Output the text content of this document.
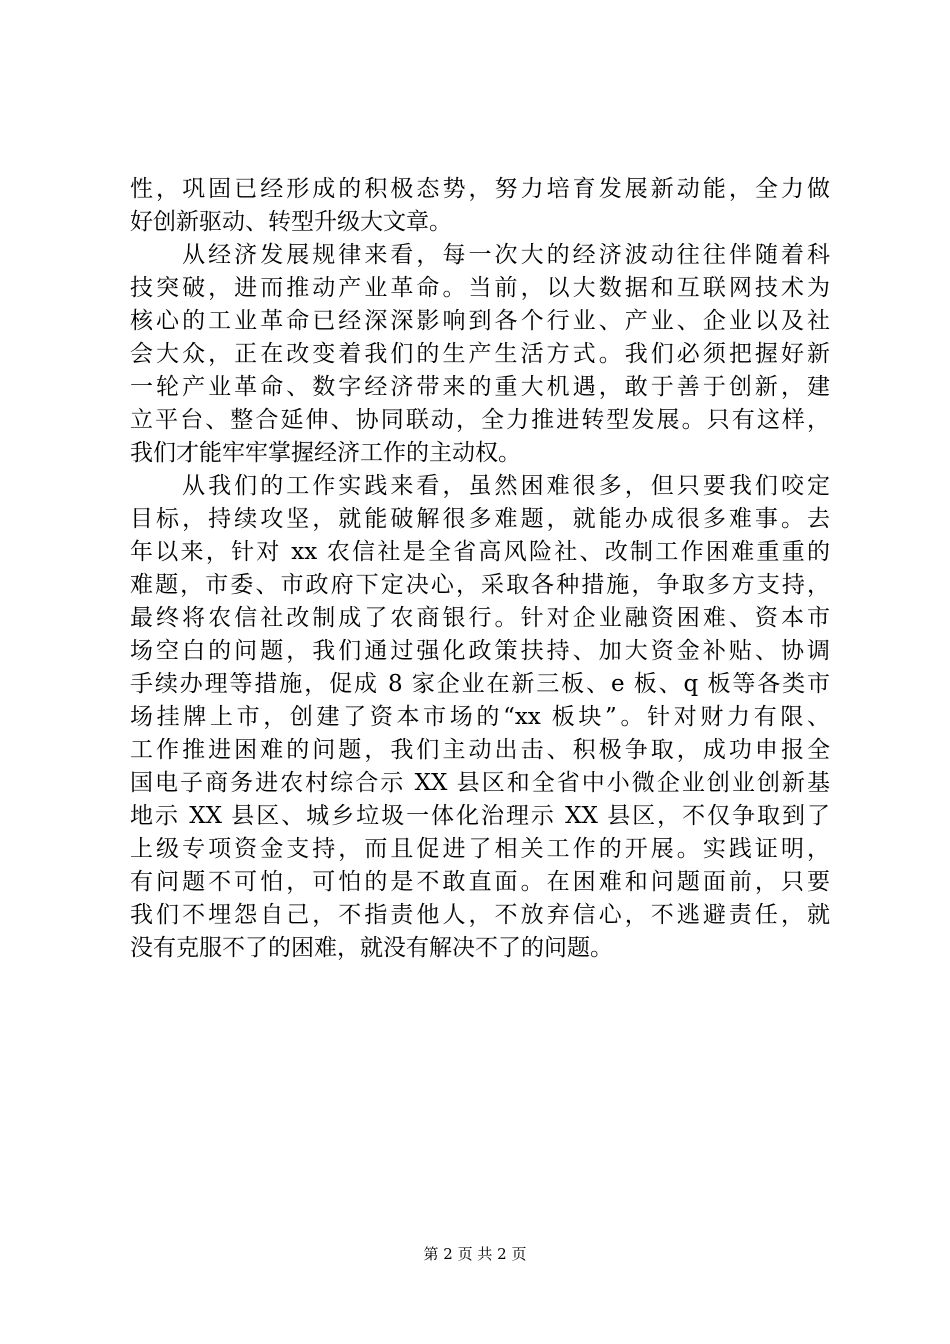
性，巩固已经形成的积极态势，努力培育发展新动能，全力做
好创新驱动、转型升级大文章。
　　从经济发展规律来看，每一次大的经济波动往往伴随着科
技突破，进而推动产业革命。当前，以大数据和互联网技术为
核心的工业革命已经深深影响到各个行业、产业、企业以及社
会大众，正在改变着我们的生产生活方式。我们必须把握好新
一轮产业革命、数字经济带来的重大机遇，敢于善于创新，建
立平台、整合延伸、协同联动，全力推进转型发展。只有这样，
我们才能牢牢掌握经济工作的主动权。
　　从我们的工作实践来看，虽然困难很多，但只要我们咬定
目标，持续攻坚，就能破解很多难题，就能办成很多难事。去
年以来，针对 xx 农信社是全省高风险社、改制工作困难重重的
难题，市委、市政府下定决心，采取各种措施，争取多方支持，
最终将农信社改制成了农商银行。针对企业融资困难、资本市
场空白的问题，我们通过强化政策扶持、加大资金补贴、协调
手续办理等措施，促成 8 家企业在新三板、e 板、q 板等各类市
场挂牌上市，创建了资本市场的“xx 板块”。针对财力有限、
工作推进困难的问题，我们主动出击、积极争取，成功申报全
国电子商务进农村综合示 XX 县区和全省中小微企业创业创新基
地示 XX 县区、城乡垃圾一体化治理示 XX 县区，不仅争取到了
上级专项资金支持，而且促进了相关工作的开展。实践证明，
有问题不可怕，可怕的是不敢直面。在困难和问题面前，只要
我们不埋怨自己，不指责他人，不放弃信心，不逃避责任，就
没有克服不了的困难，就没有解决不了的问题。
第 2 页 共 2 页
